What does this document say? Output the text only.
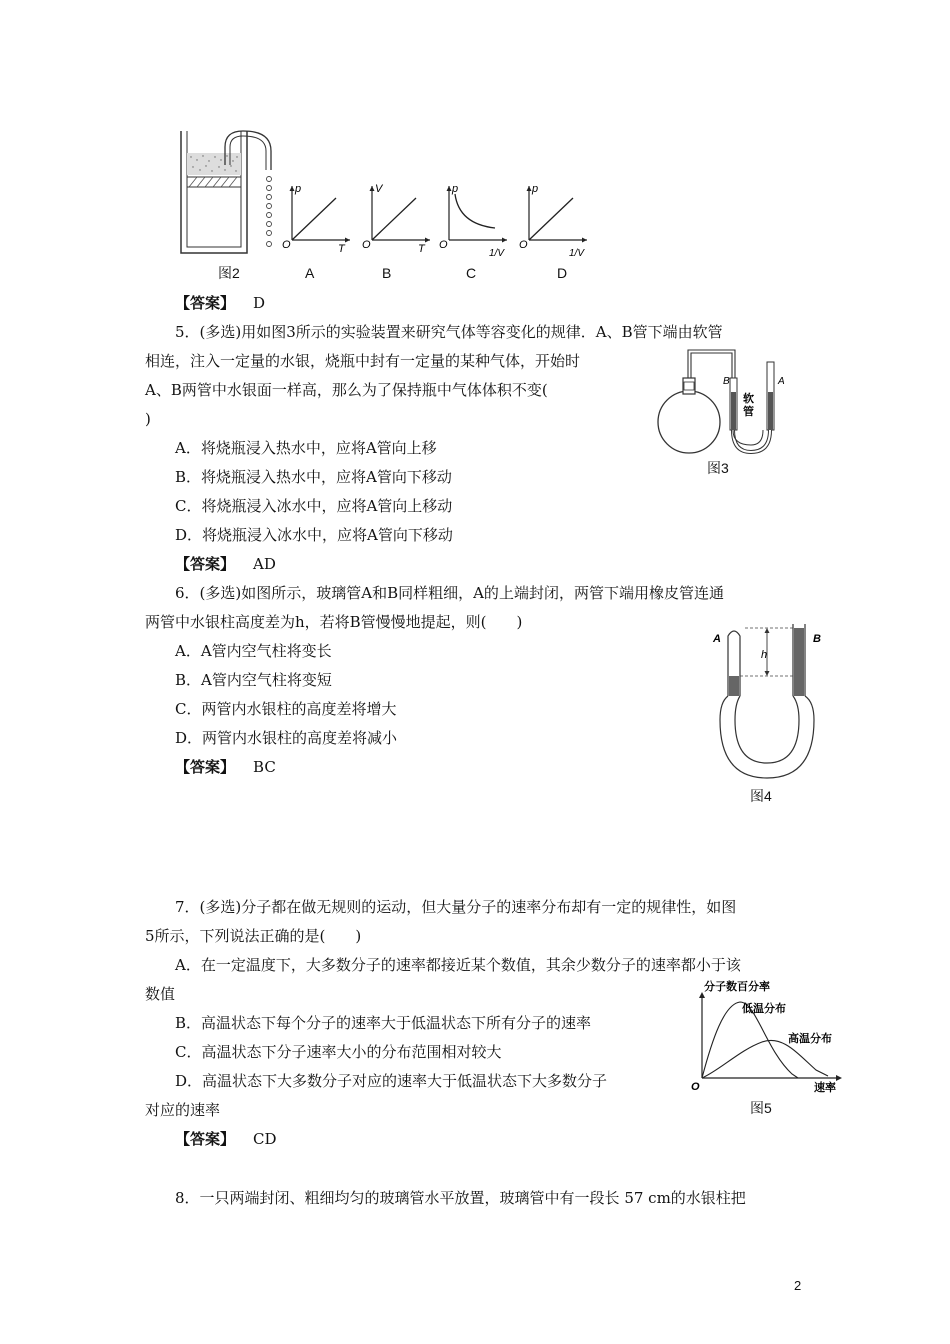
p
T
O
V
T
O
p
1/V
O
p
1/V
O
图2	A	B	C	D
【答案】 D
5．(多选)用如图3所示的实验装置来研究气体等容变化的规律．A、B管下端由软管
相连，注入一定量的水银，烧瓶中封有一定量的某种气体，开始时
A、B两管中水银面一样高，那么为了保持瓶中气体体积不变(
)
A．将烧瓶浸入热水中，应将A管向上移
B．将烧瓶浸入热水中，应将A管向下移动
C．将烧瓶浸入冰水中，应将A管向上移动
D．将烧瓶浸入冰水中，应将A管向下移动
【答案】 AD
B	A
软管
图3
6．(多选)如图所示，玻璃管A和B同样粗细，A的上端封闭，两管下端用橡皮管连通
两管中水银柱高度差为h，若将B管慢慢地提起，则(　　)
A．A管内空气柱将变长
B．A管内空气柱将变短
C．两管内水银柱的高度差将增大
D．两管内水银柱的高度差将减小
【答案】 BC
h
A	B
图4
7．(多选)分子都在做无规则的运动，但大量分子的速率分布却有一定的规律性，如图
5所示，下列说法正确的是(　　)
A．在一定温度下，大多数分子的速率都接近某个数值，其余少数分子的速率都小于该
数值
B．高温状态下每个分子的速率大于低温状态下所有分子的速率
C．高温状态下分子速率大小的分布范围相对较大
D．高温状态下大多数分子对应的速率大于低温状态下大多数分子
对应的速率
【答案】 CD
分子数百分率
低温分布
高温分布
O	速率
图5
8．一只两端封闭、粗细均匀的玻璃管水平放置，玻璃管中有一段长 57 cm的水银柱把
2
